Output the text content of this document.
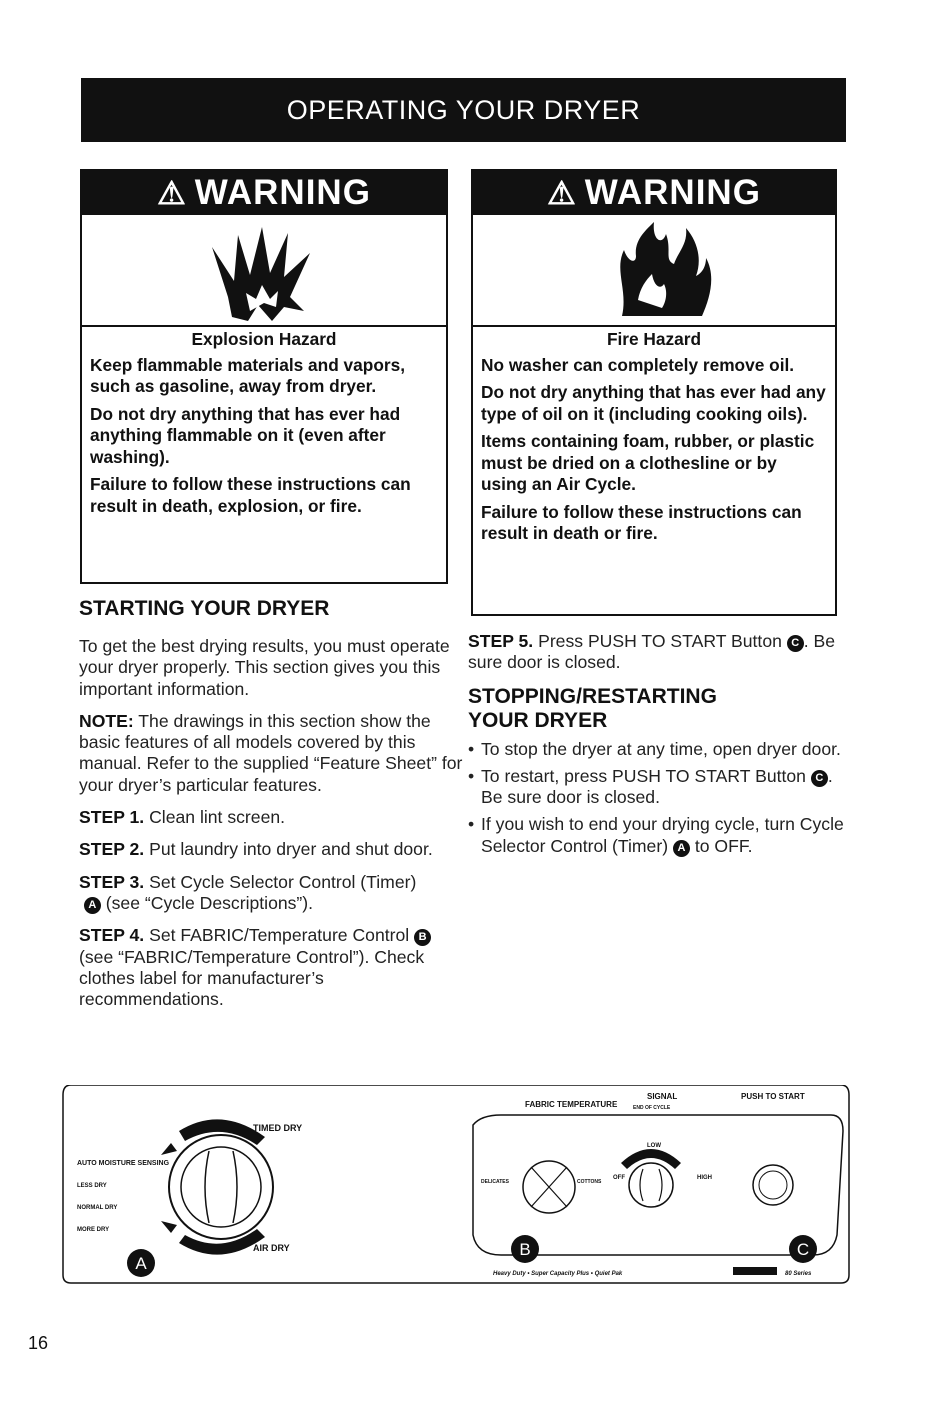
OPERATING YOUR DRYER
⚠ WARNING
Explosion Hazard

Keep flammable materials and vapors, such as gasoline, away from dryer.

Do not dry anything that has ever had anything flammable on it (even after washing).

Failure to follow these instructions can result in death, explosion, or fire.

⚠ WARNING
Fire Hazard

No washer can completely remove oil.

Do not dry anything that has ever had any type of oil on it (including cooking oils).

Items containing foam, rubber, or plastic must be dried on a clothesline or by using an Air Cycle.

Failure to follow these instructions can result in death or fire.

STARTING YOUR DRYER

To get the best drying results, you must operate your dryer properly. This section gives you this important information.

NOTE: The drawings in this section show the basic features of all models covered by this manual. Refer to the supplied “Feature Sheet” for your dryer’s particular features.

STEP 1. Clean lint screen.

STEP 2. Put laundry into dryer and shut door.

STEP 3. Set Cycle Selector Control (Timer)
A (see “Cycle Descriptions”).

STEP 4. Set FABRIC/Temperature Control B (see “FABRIC/Temperature Control”). Check clothes label for manufacturer’s recommendations.

STEP 5. Press PUSH TO START Button C . Be sure door is closed.

STOPPING/RESTARTING
YOUR DRYER
• To stop the dryer at any time, open dryer door.
• To restart, press PUSH TO START Button C . Be sure door is closed.
• If you wish to end your drying cycle, turn Cycle Selector Control (Timer) A to OFF.
TIMED DRY
AIR DRY
AUTO MOISTURE SENSING
LESS DRY
NORMAL DRY
MORE DRY
A
FABRIC TEMPERATURE
SIGNAL
END OF CYCLE
PUSH TO START
DELICATES	COTTONS
OFF	HIGH
LOW
B	C
Heavy Duty • Super Capacity Plus • Quiet Pak	80 Series
16
